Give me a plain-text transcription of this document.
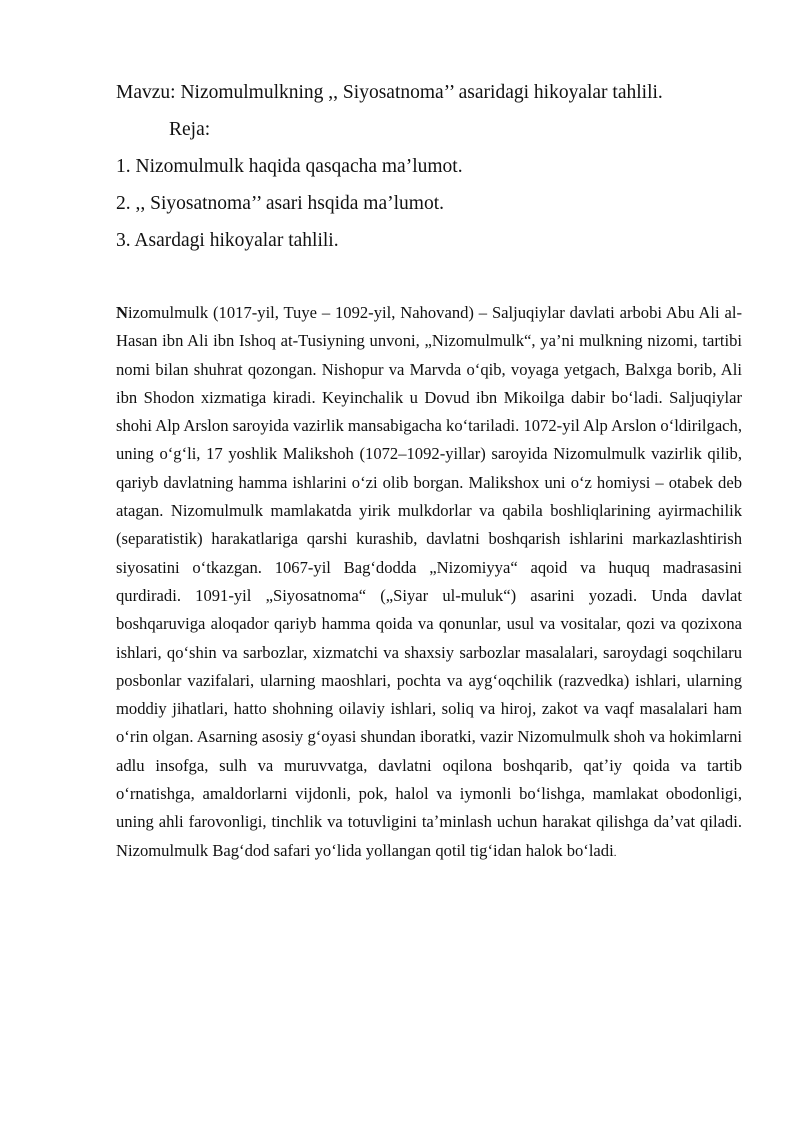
Mavzu: Nizomulmulkning ,, Siyosatnoma’’ asaridagi hikoyalar tahlili.

Reja:

1. Nizomulmulk haqida qasqacha ma’lumot.
2. ,, Siyosatnoma’’ asari hsqida ma’lumot.
3. Asardagi hikoyalar tahlili.

Nizomulmulk (1017-yil, Tuye – 1092-yil, Nahovand) – Saljuqiylar davlati arbobi Abu Ali al-Hasan ibn Ali ibn Ishoq at-Tusiyning unvoni, „Nizomulmulk“, ya’ni mulkning nizomi, tartibi nomi bilan shuhrat qozongan. Nishopur va Marvda oʻqib, voyaga yetgach, Balxga borib, Ali ibn Shodon xizmatiga kiradi. Keyinchalik u Dovud ibn Mikoilga dabir boʻladi. Saljuqiylar shohi Alp Arslon saroyida vazirlik mansabigacha koʻtariladi. 1072-yil Alp Arslon oʻldirilgach, uning oʻgʻli, 17 yoshlik Malikshoh (1072–1092-yillar) saroyida Nizomulmulk vazirlik qilib, qariyb davlatning hamma ishlarini oʻzi olib borgan. Malikshox uni oʻz homiysi – otabek deb atagan. Nizomulmulk mamlakatda yirik mulkdorlar va qabila boshliqlarining ayirmachilik (separatistik) harakatlariga qarshi kurashib, davlatni boshqarish ishlarini markazlashtirish siyosatini oʻtkazgan. 1067-yil Bagʻdodda „Nizomiyya“ aqoid va huquq madrasasini qurdiradi. 1091-yil „Siyosatnoma“ („Siyar ul-muluk“) asarini yozadi. Unda davlat boshqaruviga aloqador qariyb hamma qoida va qonunlar, usul va vositalar, qozi va qozixona ishlari, qoʻshin va sarbozlar, xizmatchi va shaxsiy sarbozlar masalalari, saroydagi soqchilaru posbonlar vazifalari, ularning maoshlari, pochta va aygʻoqchilik (razvedka) ishlari, ularning moddiy jihatlari, hatto shohning oilaviy ishlari, soliq va hiroj, zakot va vaqf masalalari ham oʻrin olgan. Asarning asosiy gʻoyasi shundan iboratki, vazir Nizomulmulk shoh va hokimlarni adlu insofga, sulh va muruvvatga, davlatni oqilona boshqarib, qatʼiy qoida va tartib oʻrnatishga, amaldorlarni vijdonli, pok, halol va iymonli boʻlishga, mamlakat obodonligi, uning ahli farovonligi, tinchlik va totuvligini taʼminlash uchun harakat qilishga daʼvat qiladi. Nizomulmulk Bagʻdod safari yoʻlida yollangan qotil tigʻidan halok boʻladi.
